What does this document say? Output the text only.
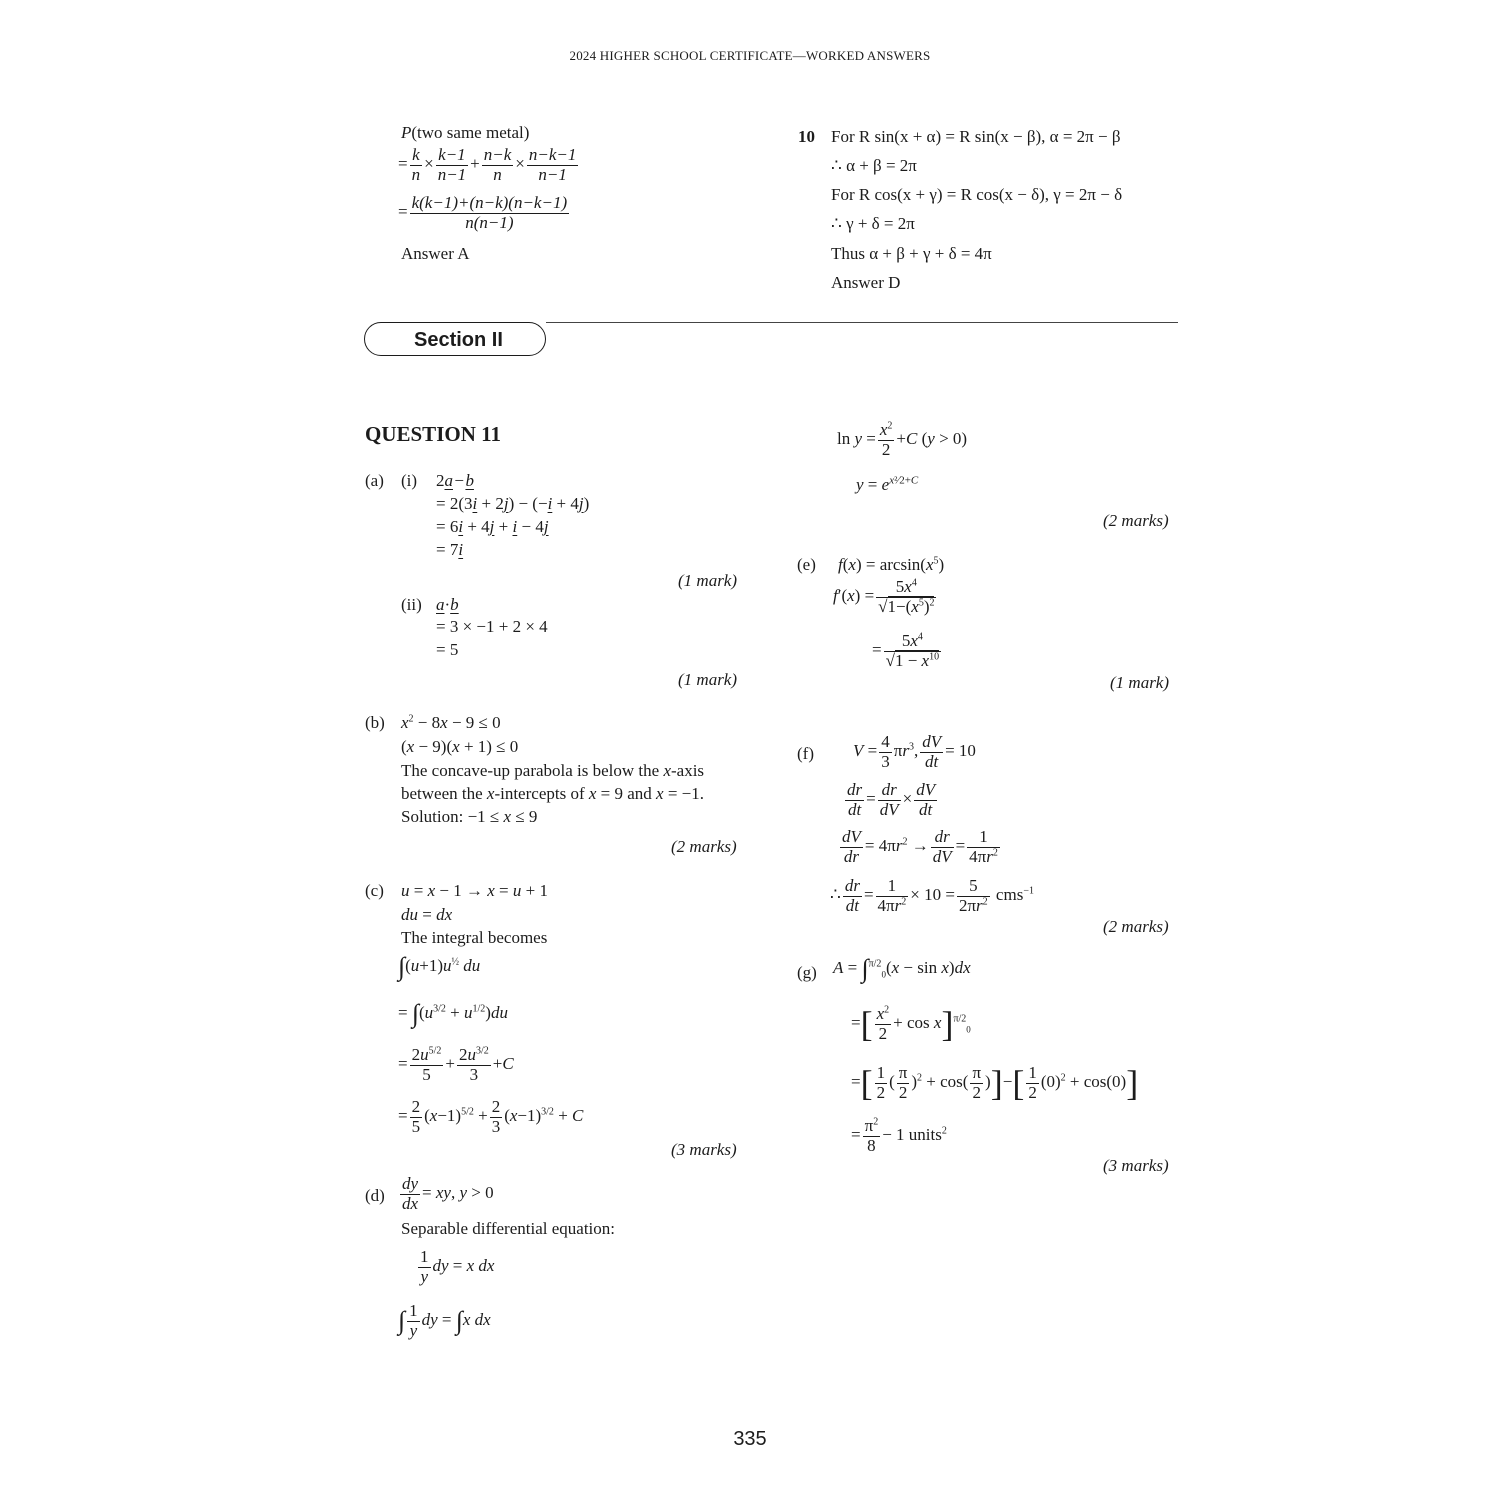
2024 HIGHER SCHOOL CERTIFICATE—WORKED ANSWERS
P(two same metal)
= $\frac{k}{n} \times \frac{k-1}{n-1} + \frac{n-k}{n} \times \frac{n-k-1}{n-1}$
= $\frac{k(k-1)+(n-k)(n-k-1)}{n(n-1)}$
Answer A
10 For R sin(x + α) = R sin(x − β), α = 2π − β
∴ α + β = 2π
For R cos(x + γ) = R cos(x − δ), γ = 2π − δ
∴ γ + δ = 2π
Thus α + β + γ + δ = 4π
Answer D
Section II
QUESTION 11
(a) (i) 2a − b
= 2(3i + 2j) − (−i + 4j)
= 6i + 4j + i − 4j
= 7i
(1 mark)
(ii) a·b
= 3 × −1 + 2 × 4
= 5
(1 mark)
(b) $x^2 - 8x - 9 \le 0$
(x − 9)(x + 1) ≤ 0
The concave-up parabola is below the x-axis
between the x-intercepts of x = 9 and x = −1.
Solution: −1 ≤ x ≤ 9
(2 marks)
(c) u = x − 1 → x = u + 1
du = dx
The integral becomes
$\int(u+1)u^{\frac{1}{2}}$ du
= $\int(u^{3/2} + u^{1/2})du$
= $\frac{2u^{5/2}}{5} + \frac{2u^{3/2}}{3} +C$
= $\frac{2}{5} (x-1)^{5/2} + \frac{2}{3} (x-1)^{3/2} + C$
(3 marks)
$(d) \frac{dy}{dx}$ = xy, y > 0
Separable differential equation:
$\frac{1}{y}$ dy = x dx
∫ $\frac{1}{y}$ dy = ∫x dx
$\ln y = \frac{x^2}{2} +C$ (y > 0)
$y = e^{x^2⁄2+C}$
(2 marks)
(e) $f(x) = \arcsin(x^5)$
$f'(x) = \frac{5x^4}{√1-(x^5)^2}$
= $\frac{5x^4}{√1 - x^{10}}$
(1 mark)
(f) $V = \frac{4}{3} \pi r^3$, $\frac{dV}{dt} = 10$
$\frac{dr}{dt} = \frac{dr}{dV} \times \frac{dV}{dt}$
$\frac{dV}{dr} = 4\pi r^2 \to \frac{dr}{dV} = \frac{1}{4\pi r^2}$
∴ $\frac{dr}{dt} = \frac{1}{4\pi r^2} \times 10 = \frac{5}{2\pi r^2} cms^{-1}$
(2 marks)
(g) A = ∫$^{\pi/2}_0$(x − sin x)dx
=[ $\frac{x^2}{2} + \cos x]^{\pi/2}_0$
=[ $\frac{1}{2}$ ( $\frac{\pi}{2} )^2 + \cos( \frac{\pi}{2}$ )]−[ $\frac{1}{2} (0)^2 + \cos(0)$]
= $\frac{\pi^2}{8} - 1$ units$^2$
(3 marks)
335
